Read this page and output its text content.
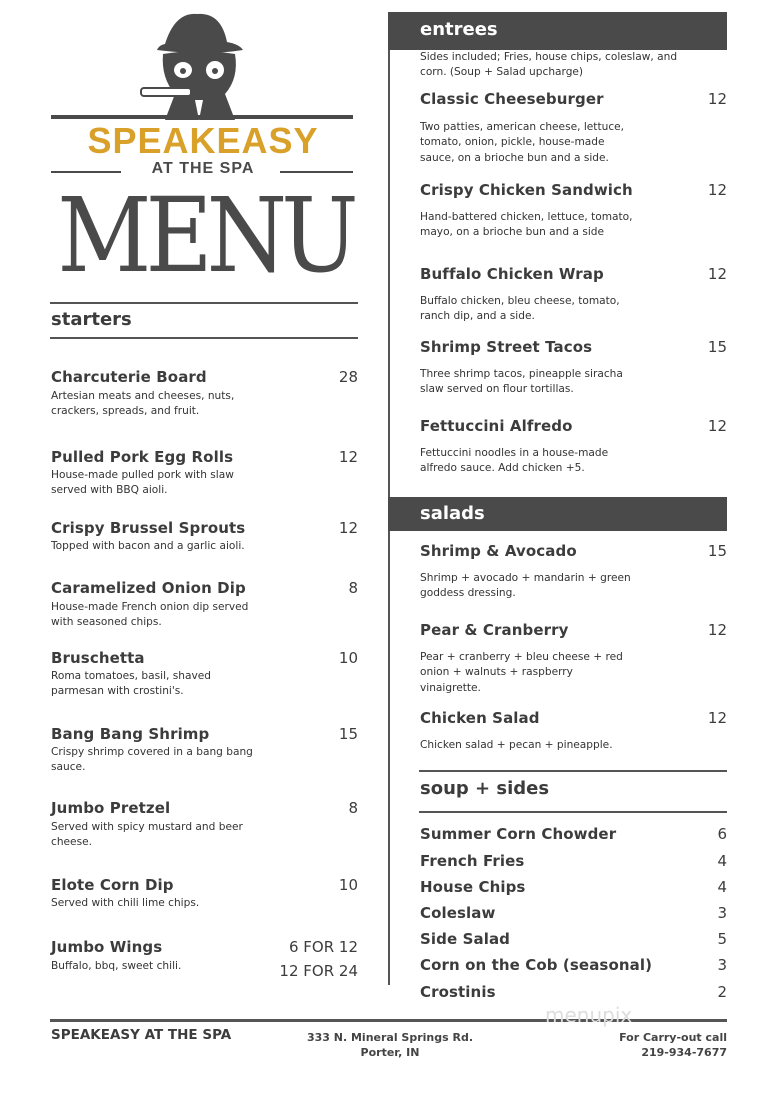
SPEAKEASY
AT THE SPA
MENU
starters
entrees
Sides included; Fries, house chips, coleslaw, and
corn. (Soup + Salad upcharge)
salads
soup + sides
Charcuterie Board	28
Artesian meats and cheeses, nuts,
crackers, spreads, and fruit.
Pulled Pork Egg Rolls	12
House-made pulled pork with slaw
served with BBQ aioli.
Crispy Brussel Sprouts	12
Topped with bacon and a garlic aioli.
Caramelized Onion Dip	8
House-made French onion dip served
with seasoned chips.
Bruschetta	10
Roma tomatoes, basil, shaved
parmesan with crostini's.
Bang Bang Shrimp	15
Crispy shrimp covered in a bang bang
sauce.
Jumbo Pretzel	8
Served with spicy mustard and beer
cheese.
Elote Corn Dip	10
Served with chili lime chips.
Jumbo Wings	6 FOR 12
12 FOR 24
Buffalo, bbq, sweet chili.
Classic Cheeseburger	12
Two patties, american cheese, lettuce,
tomato, onion, pickle, house-made
sauce, on a brioche bun and a side.
Crispy Chicken Sandwich	12
Hand-battered chicken, lettuce, tomato,
mayo, on a brioche bun and a side
Buffalo Chicken Wrap	12
Buffalo chicken, bleu cheese, tomato,
ranch dip, and a side.
Shrimp Street Tacos	15
Three shrimp tacos, pineapple siracha
slaw served on flour tortillas.
Fettuccini Alfredo	12
Fettuccini noodles in a house-made
alfredo sauce. Add chicken +5.
Shrimp & Avocado	15
Shrimp + avocado + mandarin + green
goddess dressing.
Pear & Cranberry	12
Pear + cranberry + bleu cheese + red
onion + walnuts + raspberry
vinaigrette.
Chicken Salad	12
Chicken salad + pecan + pineapple.
Summer Corn Chowder	6
French Fries	4
House Chips	4
Coleslaw	3
Side Salad	5
Corn on the Cob (seasonal)	3
Crostinis	2
SPEAKEASY AT THE SPA	333 N. Mineral Springs Rd.
Porter, IN
For Carry-out call
219-934-7677
menupix
